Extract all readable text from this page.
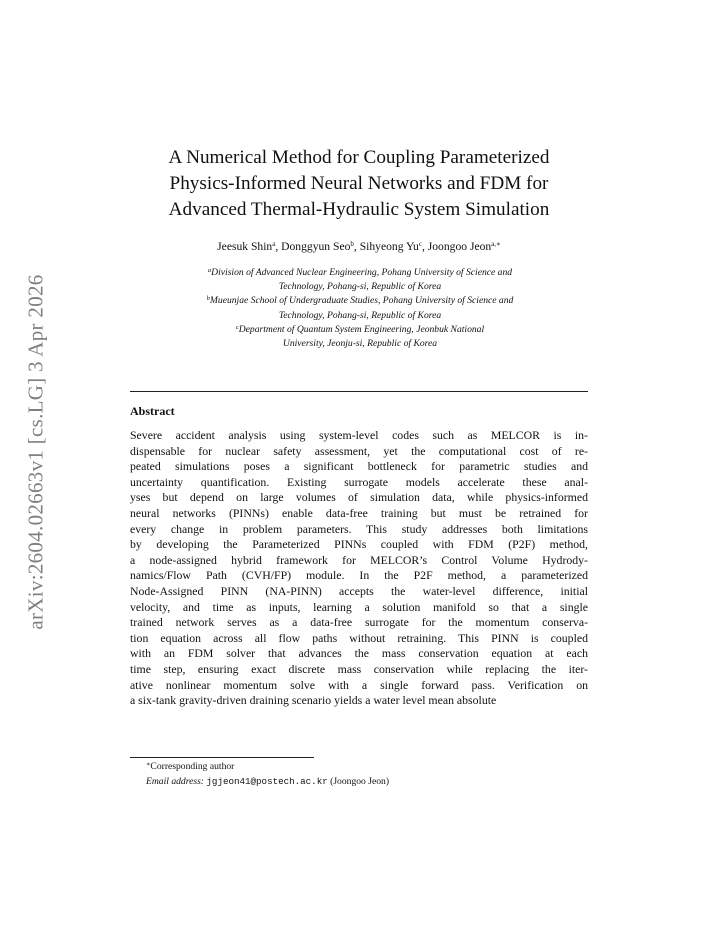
arXiv:2604.02663v1 [cs.LG] 3 Apr 2026
A Numerical Method for Coupling Parameterized
Physics-Informed Neural Networks and FDM for
Advanced Thermal-Hydraulic System Simulation
Jeesuk Shin$^a$, Donggyun Seo$^b$, Sihyeong Yu$^c$, Joongoo Jeon$^{a,∗}$
$^a$Division of Advanced Nuclear Engineering, Pohang University of Science and
Technology, Pohang-si, Republic of Korea
$^b$Mueunjae School of Undergraduate Studies, Pohang University of Science and
Technology, Pohang-si, Republic of Korea
$^c$Department of Quantum System Engineering, Jeonbuk National
University, Jeonju-si, Republic of Korea
Abstract
Severe accident analysis using system-level codes such as MELCOR is in-
dispensable for nuclear safety assessment, yet the computational cost of re-
peated simulations poses a significant bottleneck for parametric studies and
uncertainty quantification. Existing surrogate models accelerate these anal-
yses but depend on large volumes of simulation data, while physics-informed
neural networks (PINNs) enable data-free training but must be retrained for
every change in problem parameters. This study addresses both limitations
by developing the Parameterized PINNs coupled with FDM (P2F) method,
a node-assigned hybrid framework for MELCOR’s Control Volume Hydrody-
namics/Flow Path (CVH/FP) module. In the P2F method, a parameterized
Node-Assigned PINN (NA-PINN) accepts the water-level difference, initial
velocity, and time as inputs, learning a solution manifold so that a single
trained network serves as a data-free surrogate for the momentum conserva-
tion equation across all flow paths without retraining. This PINN is coupled
with an FDM solver that advances the mass conservation equation at each
time step, ensuring exact discrete mass conservation while replacing the iter-
ative nonlinear momentum solve with a single forward pass. Verification on
a six-tank gravity-driven draining scenario yields a water level mean absolute
∗Corresponding author
Email address: jgjeon41@postech.ac.kr (Joongoo Jeon)
